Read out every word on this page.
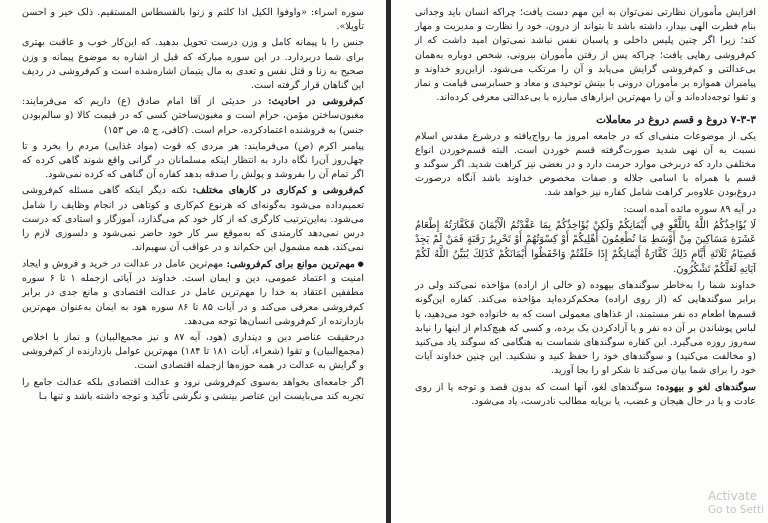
سوره اسراء: «واوفوا الکیل اذا کلتم و زنوا بالقسطاس المستقیم. ذلک خیر و احسن تأویلا».

جنس را با پیمانه کامل و وزن درست تحویل بدهید. که این‌کار خوب و عاقبت بهتری برای شما دربردارد. در این سوره مبارکه که قبل از اشاره به موضوع پیمانه و وزن صحیح به زنا و قتل نفس و تعدی به مال یتیمان اشاره‌شده است و کم‌فروشی در ردیف این گناهان قرار گرفته است.

کم‌فروشی در احادیث: در حدیثی از آقا امام صادق (ع) داریم که می‌فرمایند: مغبون‌ساختن مؤمن، حرام است و مغبون‌ساختن کسی که در قیمت کالا (و سالم‌بودن جنس) به فروشنده اعتمادکرده، حرام است. (کافی، ج ۵، ص ۱۵۳)

پیامبر اکرم (ص) می‌فرمایند: هر مردی که قوت (مواد غذایی) مردم را بخرد و تا چهل‌روز آن‌را نگاه دارد به انتظار اینکه مسلمانان در گرانی واقع شوند گاهی کرده که اگر تمام آن را بفروشد و پولش را صدقه بدهد کفاره آن گناهی که کرده نمی‌شود.

کم‌فروشی و کم‌کاری در کارهای مختلف: نکته دیگر اینکه گاهی مسئله کم‌فروشی تعمیم‌داده می‌شود به‌گونه‌ای که هرنوع کم‌کاری و کوتاهی در انجام وظایف را شامل می‌شود. به‌این‌ترتیب کارگری که از کار خود کم می‌گذارد، آموزگار و استادی که درست درس نمی‌دهد کارمندی که به‌موقع سر کار خود حاضر نمی‌شود و دلسوزی لازم را نمی‌کند، همه مشمول این حکم‌اند و در عواقب آن سهیم‌اند.

● مهم‌ترین موانع برای کم‌فروشی: مهم‌ترین عامل در عدالت در خرید و فروش و ایجاد امنیت و اعتماد عمومی، دین و ایمان است. خداوند در آیاتی ازجمله ۱ تا ۶ سوره مطففین اعتقاد به خدا را مهم‌ترین عامل در عدالت اقتصادی و مانع جدی در برابر کم‌فروشی معرفی می‌کند و در آیات ۸۵ تا ۸۶ سوره هود به ایمان به‌عنوان مهم‌ترین بازدارنده از کم‌فروشی انسان‌ها توجه می‌دهد.

درحقیقت عناصر دین و دینداری (هود، آیه ۸۷ و نیز مجمع‌البیان) و نماز با اخلاص (مجمع‌البیان) و تقوا (شعراء، آیات ۱۸۱ تا ۱۸۴) مهم‌ترین عوامل بازدارنده از کم‌فروشی و گرایش به عدالت در همه حوزه‌ها ازجمله اقتصادی است.

اگر جامعه‌ای بخواهد به‌سوی کم‌فروشی نرود و عدالت اقتصادی بلکه عدالت جامع را تجربه کند می‌بایست این عناصر بینشی و نگرشی تأکید و توجه داشته باشد و تنها بـا

افزایش مأموران نظارتی نمی‌توان به این مهم دست یافت؛ چراکه انسان باید وجدانی بنام فطرت الهی بیدار، داشته باشد تا بتواند از درون، خود را نظارت و مدیریت و مهار کند؛ زیرا اگر چنین پلیس داخلی و پاسبان نفس نباشد نمی‌توان امید داشت که از کم‌فروشی رهایی یافت؛ چراکه پس از رفتن مأموران بیرونی، شخص دوباره به‌همان بی‌عدالتی و کم‌فروشی گرایش می‌یابد و آن را مرتکب می‌شود. ازاین‌رو خداوند و پیامبران همواره بر مأموران درونی با بینش توحیدی و معاد و حسابرسی قیامت و نماز و تقوا توجه‌داده‌اند و آن را مهم‌ترین ابزارهای مبارزه با بی‌عدالتی معرفی کرده‌اند.

۷-۳-۳ دروغ و قسم دروغ در معاملات

یکی از موضوعات منفی‌ای که در جامعه امروز ما رواج‌یافته و درشرع مقدس اسلام نسبت به آن نهی شدید صورت‌گرفته قسم خوردن است. البته قسم‌خوردن انواع مختلفی دارد که دربرخی موارد حرمت دارد و در بعضی نیز کراهت شدید. اگر سوگند و قسم با همراه با اسامی جلاله و صفات مخصوص خداوند باشد آنگاه درصورت دروغ‌بودن علاوه‌بر کراهت شامل کفاره نیز خواهد شد.

در آیه ۸۹ سوره مائده آمده است:

لَا يُؤَاخِذُكُمُ اللَّهُ بِاللَّغْوِ فِي أَيْمَانِكُمْ وَلَكِنْ يُؤَاخِذُكُمْ بِمَا عَقَّدْتُمُ الْأَيْمَانَ فَكَفَّارَتُهُ إِطْعَامُ عَشَرَةِ مَسَاكِينَ مِنْ أَوْسَطِ مَا تُطْعِمُونَ أَهْلِيكُمْ أَوْ كِسْوَتُهُمْ أَوْ تَحْرِيرُ رَقَبَةٍ فَمَنْ لَمْ يَجِدْ فَصِيَامُ ثَلَاثَةِ أَيَّامٍ ذَلِكَ كَفَّارَةُ أَيْمَانِكُمْ إِذَا حَلَفْتُمْ وَاحْفَظُوا أَيْمَانَكُمْ كَذَلِكَ يُبَيِّنُ اللَّهُ لَكُمْ آيَاتِهِ لَعَلَّكُمْ تَشْكُرُونَ.

خداوند شما را به‌خاطر سوگندهای بیهوده (و خالی از اراده) مؤاخذه نمی‌کند ولی در برابر سوگندهایی که (از روی اراده) محکم‌کرده‌اید مؤاخذه می‌کند. کفاره این‌گونه قسم‌ها اطعام ده نفر مستمند، از غذاهای معمولی است که به خانواده خود می‌دهید، یا لباس پوشاندن بر آن ده نفر و یا آزادکردن یک برده، و کسی که هیچ‌کدام از اینها را نیابد سه‌روز روزه می‌گیرد. این کفاره سوگندهای شماست به هنگامی که سوگند یاد می‌کنید (و مخالفت می‌کنید) و سوگندهای خود را حفظ کنید و نشکنید. این چنین خداوند آیات خود را برای شما بیان می‌کند تا شکر او را بجا آورید.

سوگندهای لغو و بیهوده: سوگندهای لغو، آنها است که بدون قصد و توجه یا از روی عادت و یا در حال هیجان و غضب، یا برپایه مطالب نادرست، یاد می‌شود.

Activate
Go to Setti
